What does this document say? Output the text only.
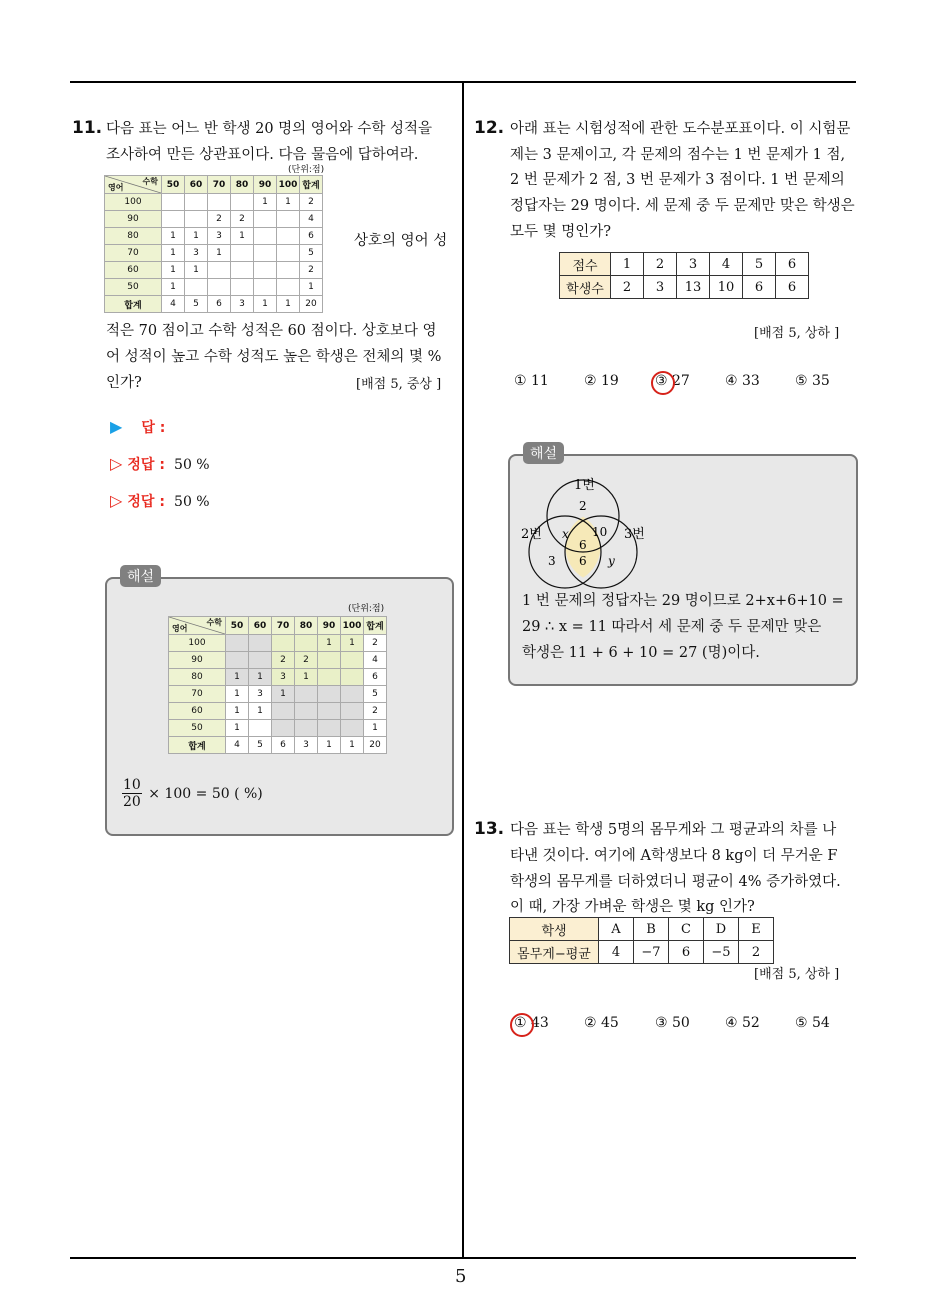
5
11. 다음 표는 어느 반 학생 20 명의 영어와 수학 성적을
조사하여 만든 상관표이다. 다음 물음에 답하여라.
(단위:점)
수학
영어	50	60	70	80	90	100	합계
100					1	1	2
90			2	2			4
80	1	1	3	1			6
70	1	3	1				5
60	1	1					2
50	1						1
합계	4	5	6	3	1	1	20
상호의 영어 성
적은 70 점이고 수학 성적은 60 점이다. 상호보다 영
어 성적이 높고 수학 성적도 높은 학생은 전체의 몇 %
인가?	[배점 5, 중상 ]
▶ 답 :
▷ 정답 : 50 %
▷ 정답 : 50 %
해설
(단위:점)
수학
영어	50	60	70	80	90	100	합계
100					1	1	2
90			2	2			4
80	1	1	3	1			6
70	1	3	1				5
60	1	1					2
50	1						1
합계	4	5	6	3	1	1	20
$\frac{10}{20} \times 100 = 50$ ( %)
12. 아래 표는 시험성적에 관한 도수분포표이다. 이 시험문
제는 3 문제이고, 각 문제의 점수는 1 번 문제가 1 점,
2 번 문제가 2 점, 3 번 문제가 3 점이다. 1 번 문제의
정답자는 29 명이다. 세 문제 중 두 문제만 맞은 학생은
모두 몇 명인가?
점수	1	2	3	4	5	6
학생수	2	3	13	10	6	6
[배점 5, 상하 ]
① 11	② 19	③ 27	④ 33	⑤ 35
해설
1번
2번	3번
2
x 10
6
3 6 y
1 번 문제의 정답자는 29 명이므로 2+x+6+10 =
29 ∴ x = 11 따라서 세 문제 중 두 문제만 맞은
학생은 11 + 6 + 10 = 27 (명)이다.
13. 다음 표는 학생 5명의 몸무게와 그 평균과의 차를 나
타낸 것이다. 여기에 A학생보다 8 kg이 더 무거운 F
학생의 몸무게를 더하였더니 평균이 4% 증가하였다.
이 때, 가장 가벼운 학생은 몇 kg 인가?
학생	A	B	C	D	E
몸무게−평균	4	−7	6	−5	2
[배점 5, 상하 ]
① 43	② 45	③ 50	④ 52	⑤ 54
